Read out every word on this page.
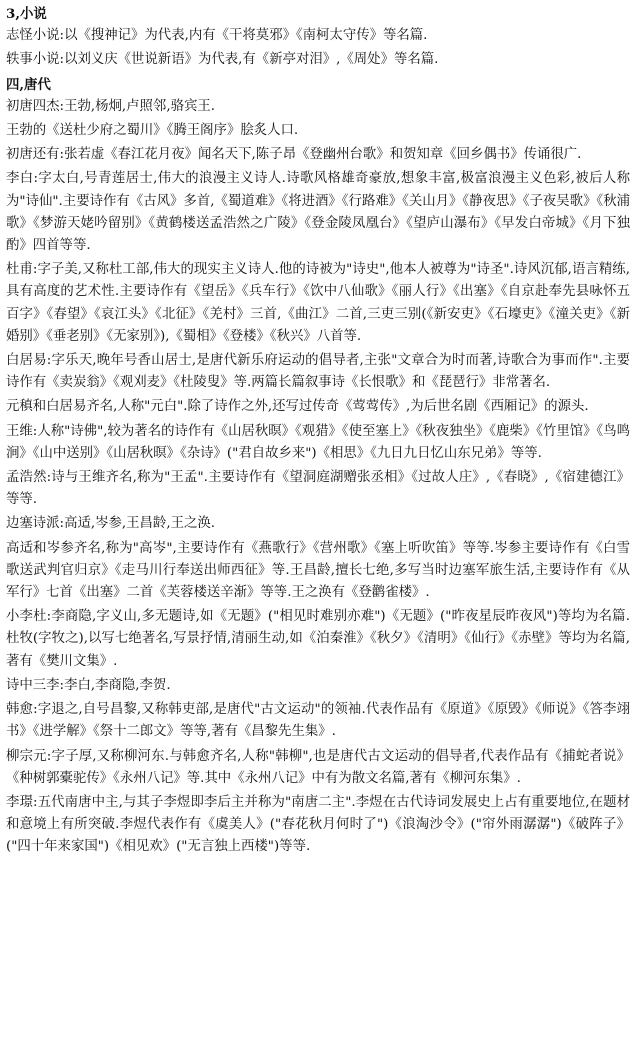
3,小说

志怪小说:以《搜神记》为代表,内有《干将莫邪》《南柯太守传》等名篇.

轶事小说:以刘义庆《世说新语》为代表,有《新亭对泪》,《周处》等名篇.

四,唐代

初唐四杰:王勃,杨炯,卢照邻,骆宾王.

王勃的《送杜少府之蜀川》《腾王阁序》脍炙人口.

初唐还有:张若虚《春江花月夜》闻名天下,陈子昂《登幽州台歌》和贺知章《回乡偶书》传诵很广.

李白:字太白,号青莲居士,伟大的浪漫主义诗人.诗歌风格雄奇豪放,想象丰富,极富浪漫主义色彩,被后人称为"诗仙".主要诗作有《古风》多首,《蜀道难》《将进酒》《行路难》《关山月》《静夜思》《子夜吴歌》《秋浦歌》《梦游天姥吟留别》《黄鹤楼送孟浩然之广陵》《登金陵凤凰台》《望庐山瀑布》《早发白帝城》《月下独酌》四首等等.

杜甫:字子美,又称杜工部,伟大的现实主义诗人.他的诗被为"诗史",他本人被尊为"诗圣".诗风沉郁,语言精练,具有高度的艺术性.主要诗作有《望岳》《兵车行》《饮中八仙歌》《丽人行》《出塞》《自京赴奉先县咏怀五百字》《春望》《哀江头》《北征》《羌村》三首,《曲江》二首,三吏三别(《新安吏》《石壕吏》《潼关吏》《新婚别》《垂老别》《无家别》),《蜀相》《登楼》《秋兴》八首等.

白居易:字乐天,晚年号香山居士,是唐代新乐府运动的倡导者,主张"文章合为时而著,诗歌合为事而作".主要诗作有《卖炭翁》《观刈麦》《杜陵叟》等.两篇长篇叙事诗《长恨歌》和《琵琶行》非常著名.

元稹和白居易齐名,人称"元白".除了诗作之外,还写过传奇《莺莺传》,为后世名剧《西厢记》的源头.

王维:人称"诗佛",较为著名的诗作有《山居秋暝》《观猎》《使至塞上》《秋夜独坐》《鹿柴》《竹里馆》《鸟鸣涧》《山中送别》《山居秋暝》《杂诗》("君自故乡来")《相思》《九日九日忆山东兄弟》等等.

孟浩然:诗与王维齐名,称为"王孟".主要诗作有《望洞庭湖赠张丞相》《过故人庄》,《春晓》,《宿建德江》等等.

边塞诗派:高适,岑参,王昌龄,王之涣.

高适和岑参齐名,称为"高岑",主要诗作有《燕歌行》《营州歌》《塞上听吹笛》等等.岑参主要诗作有《白雪歌送武判官归京》《走马川行奉送出师西征》等.王昌龄,擅长七绝,多写当时边塞军旅生活,主要诗作有《从军行》七首《出塞》二首《芙蓉楼送辛渐》等等.王之涣有《登鹳雀楼》.

小李杜:李商隐,字义山,多无题诗,如《无题》("相见时难别亦难")《无题》("昨夜星辰昨夜风")等均为名篇.杜牧(字牧之),以写七绝著名,写景抒情,清丽生动,如《泊秦淮》《秋夕》《清明》《仙行》《赤壁》等均为名篇,著有《樊川文集》.

诗中三李:李白,李商隐,李贺.

韩愈:字退之,自号昌黎,又称韩吏部,是唐代"古文运动"的领袖.代表作品有《原道》《原毁》《师说》《答李翊书》《进学解》《祭十二郎文》等等,著有《昌黎先生集》.

柳宗元:字子厚,又称柳河东.与韩愈齐名,人称"韩柳",也是唐代古文运动的倡导者,代表作品有《捕蛇者说》《种树郭橐驼传》《永州八记》等.其中《永州八记》中有为散文名篇,著有《柳河东集》.

李璟:五代南唐中主,与其子李煜即李后主并称为"南唐二主".李煜在古代诗词发展史上占有重要地位,在题材和意境上有所突破.李煜代表作有《虞美人》("春花秋月何时了")《浪淘沙令》("帘外雨潺潺")《破阵子》("四十年来家国")《相见欢》("无言独上西楼")等等.
